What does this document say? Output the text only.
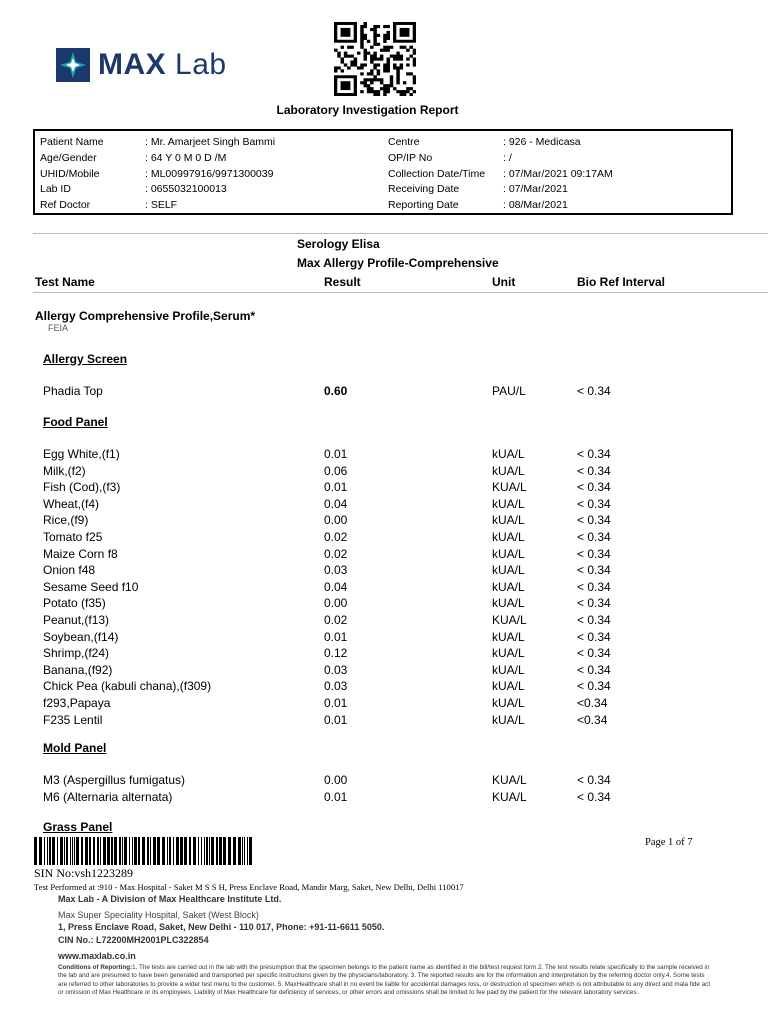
MAX Lab
Laboratory Investigation Report
Patient Name	: Mr. Amarjeet Singh Bammi
Age/Gender	: 64 Y 0 M 0 D /M
UHID/Mobile	: ML00997916/9971300039
Lab ID	: 0655032100013
Ref Doctor	: SELF
Centre	: 926 - Medicasa
OP/IP No	: /
Collection Date/Time : 07/Mar/2021 09:17AM
Receiving Date	: 07/Mar/2021
Reporting Date	: 08/Mar/2021
Serology Elisa
Max Allergy Profile-Comprehensive
Test Name	Result	Unit	Bio Ref Interval
Allergy Comprehensive Profile,Serum*
FEIA
Allergy Screen
Phadia Top	0.60	PAU/L	< 0.34
Food Panel
Egg White,(f1)	0.01	kUA/L	< 0.34
Milk,(f2)	0.06	kUA/L	< 0.34
Fish (Cod),(f3)	0.01	KUA/L	< 0.34
Wheat,(f4)	0.04	kUA/L	< 0.34
Rice,(f9)	0.00	kUA/L	< 0.34
Tomato f25	0.02	kUA/L	< 0.34
Maize Corn f8	0.02	kUA/L	< 0.34
Onion f48	0.03	kUA/L	< 0.34
Sesame Seed f10	0.04	kUA/L	< 0.34
Potato (f35)	0.00	kUA/L	< 0.34
Peanut,(f13)	0.02	KUA/L	< 0.34
Soybean,(f14)	0.01	kUA/L	< 0.34
Shrimp,(f24)	0.12	kUA/L	< 0.34
Banana,(f92)	0.03	kUA/L	< 0.34
Chick Pea (kabuli chana),(f309)	0.03	kUA/L	< 0.34
f293,Papaya	0.01	kUA/L	<0.34
F235 Lentil	0.01	kUA/L	<0.34
Mold Panel
M3 (Aspergillus fumigatus)	0.00	KUA/L	< 0.34
M6 (Alternaria alternata)	0.01	KUA/L	< 0.34
Grass Panel
Page 1 of 7
SIN No:vsh1223289
Test Performed at :910 - Max Hospital - Saket M S S H, Press Enclave Road, Mandir Marg, Saket, New Delhi, Delhi 110017
Max Lab - A Division of Max Healthcare Institute Ltd.
Max Super Speciality Hospital, Saket (West Block)
1, Press Enclave Road, Saket, New Delhi - 110 017, Phone: +91-11-6611 5050.
CIN No.: L72200MH2001PLC322854
www.maxlab.co.in
Conditions of Reporting:1. The tests are carried out in the lab with the presumption that the specimen belongs to the patient name as identified in the bill/test request form.2. The test results relate specifically to the sample received in the lab and are presumed to have been generated and transported per specific instructions given by the physicians/laboratory. 3. The reported results are for the information and interpretation by the referring doctor only.4. Some tests are referred to other laboratories to provide a wider test menu to the customer. 5. MaxHealthcare shall in no event be liable for accidental damages loss, or destruction of specimen which is not attributable to any direct and mala fide act or omission of Max Healthcare or its employees. Liability of Max Healthcare for deficiency of services, or other errors and omissions shall be limited to fee paid by the patient for the relevant laboratory services.
